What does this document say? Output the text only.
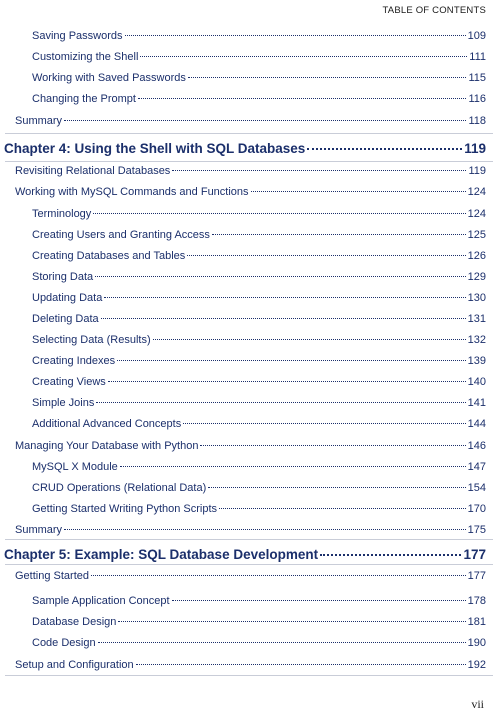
TABLE OF CONTENTS
Saving Passwords	109
Customizing the Shell	111
Working with Saved Passwords	115
Changing the Prompt	116
Summary	118
Chapter 4: Using the Shell with SQL Databases	119
Revisiting Relational Databases	119
Working with MySQL Commands and Functions	124
Terminology	124
Creating Users and Granting Access	125
Creating Databases and Tables	126
Storing Data	129
Updating Data	130
Deleting Data	131
Selecting Data (Results)	132
Creating Indexes	139
Creating Views	140
Simple Joins	141
Additional Advanced Concepts	144
Managing Your Database with Python	146
MySQL X Module	147
CRUD Operations (Relational Data)	154
Getting Started Writing Python Scripts	170
Summary	175
Chapter 5: Example: SQL Database Development	177
Getting Started	177
Sample Application Concept	178
Database Design	181
Code Design	190
Setup and Configuration	192
vii
